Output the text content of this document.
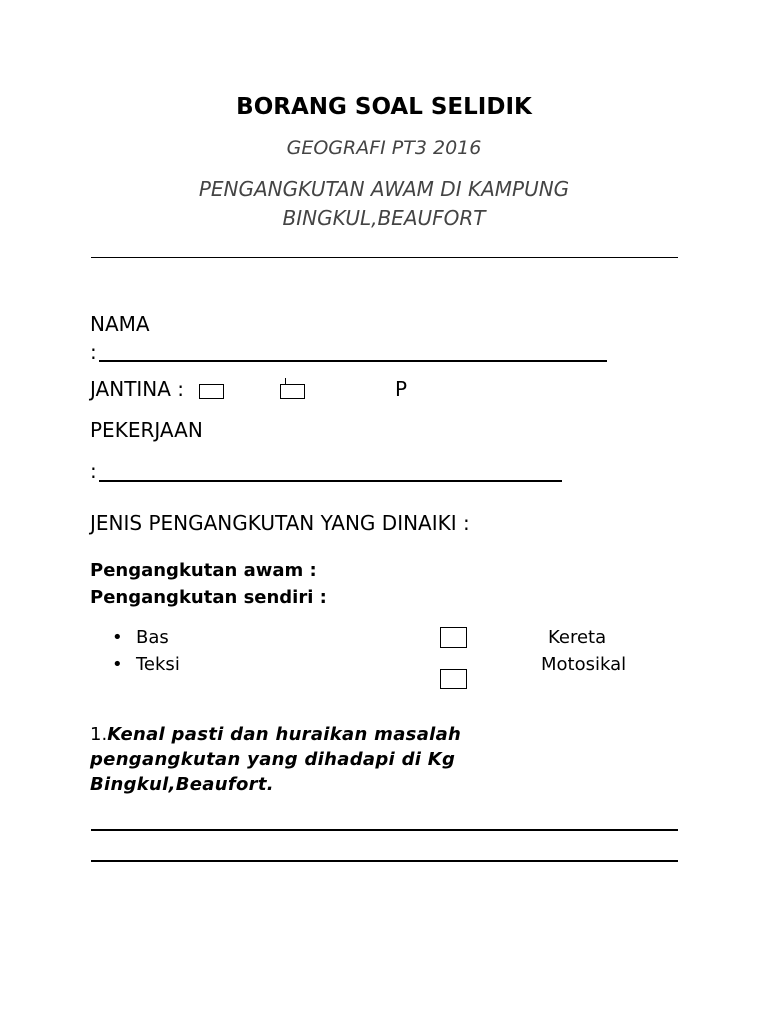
BORANG SOAL SELIDIK
GEOGRAFI PT3 2016
PENGANGKUTAN AWAM DI KAMPUNG
BINGKUL,BEAUFORT
NAMA
:
JANTINA :	P
PEKERJAAN
:
JENIS PENGANGKUTAN YANG DINAIKI :
Pengangkutan awam :
Pengangkutan sendiri :
• Bas
• Teksi
Kereta
Motosikal
1.Kenal pasti dan huraikan masalah pengangkutan yang dihadapi di Kg Bingkul,Beaufort.
